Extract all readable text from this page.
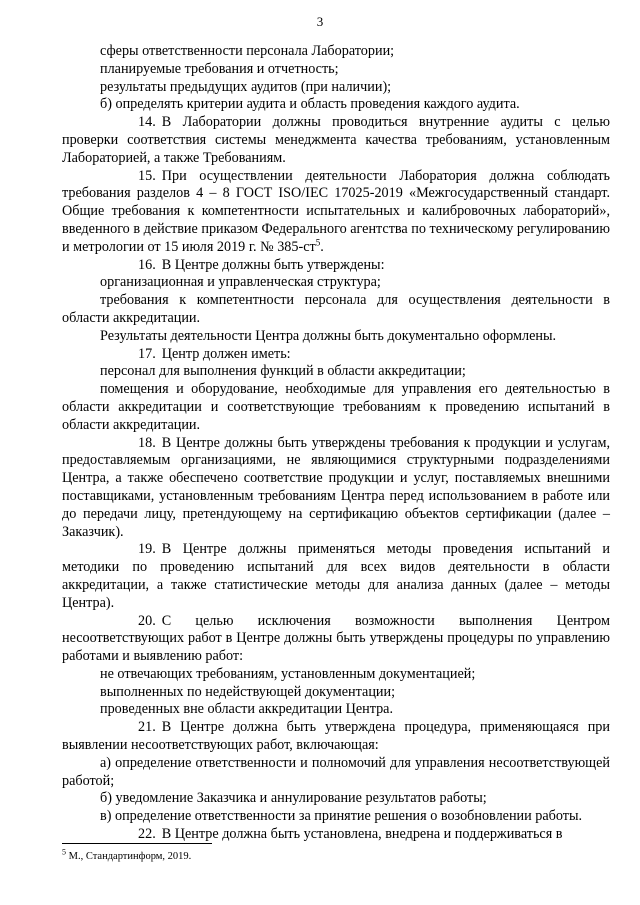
3

сферы ответственности персонала Лаборатории;

планируемые требования и отчетность;

результаты предыдущих аудитов (при наличии);

б) определять критерии аудита и область проведения каждого аудита.

14. В Лаборатории должны проводиться внутренние аудиты с целью проверки соответствия системы менеджмента качества требованиям, установленным Лабораторией, а также Требованиям.

15. При осуществлении деятельности Лаборатория должна соблюдать требования разделов 4 – 8 ГОСТ ISO/IEC 17025-2019 «Межгосударственный стандарт. Общие требования к компетентности испытательных и калибровочных лабораторий», введенного в действие приказом Федерального агентства по техническому регулированию и метрологии от 15 июля 2019 г. № $385-ст^5$.

16. В Центре должны быть утверждены:

организационная и управленческая структура;

требования к компетентности персонала для осуществления деятельности в области аккредитации.

Результаты деятельности Центра должны быть документально оформлены.

17. Центр должен иметь:

персонал для выполнения функций в области аккредитации;

помещения и оборудование, необходимые для управления его деятельностью в области аккредитации и соответствующие требованиям к проведению испытаний в области аккредитации.

18. В Центре должны быть утверждены требования к продукции и услугам, предоставляемым организациями, не являющимися структурными подразделениями Центра, а также обеспечено соответствие продукции и услуг, поставляемых внешними поставщиками, установленным требованиям Центра перед использованием в работе или до передачи лицу, претендующему на сертификацию объектов сертификации (далее – Заказчик).

19. В Центре должны применяться методы проведения испытаний и методики по проведению испытаний для всех видов деятельности в области аккредитации, а также статистические методы для анализа данных (далее – методы Центра).

20. С целью исключения возможности выполнения Центром несоответствующих работ в Центре должны быть утверждены процедуры по управлению работами и выявлению работ:

не отвечающих требованиям, установленным документацией;

выполненных по недействующей документации;

проведенных вне области аккредитации Центра.

21. В Центре должна быть утверждена процедура, применяющаяся при выявлении несоответствующих работ, включающая:

а) определение ответственности и полномочий для управления несоответствующей работой;

б) уведомление Заказчика и аннулирование результатов работы;

в) определение ответственности за принятие решения о возобновлении работы.

22. В Центре должна быть установлена, внедрена и поддерживаться в

$^5$ М., Стандартинформ, 2019.
